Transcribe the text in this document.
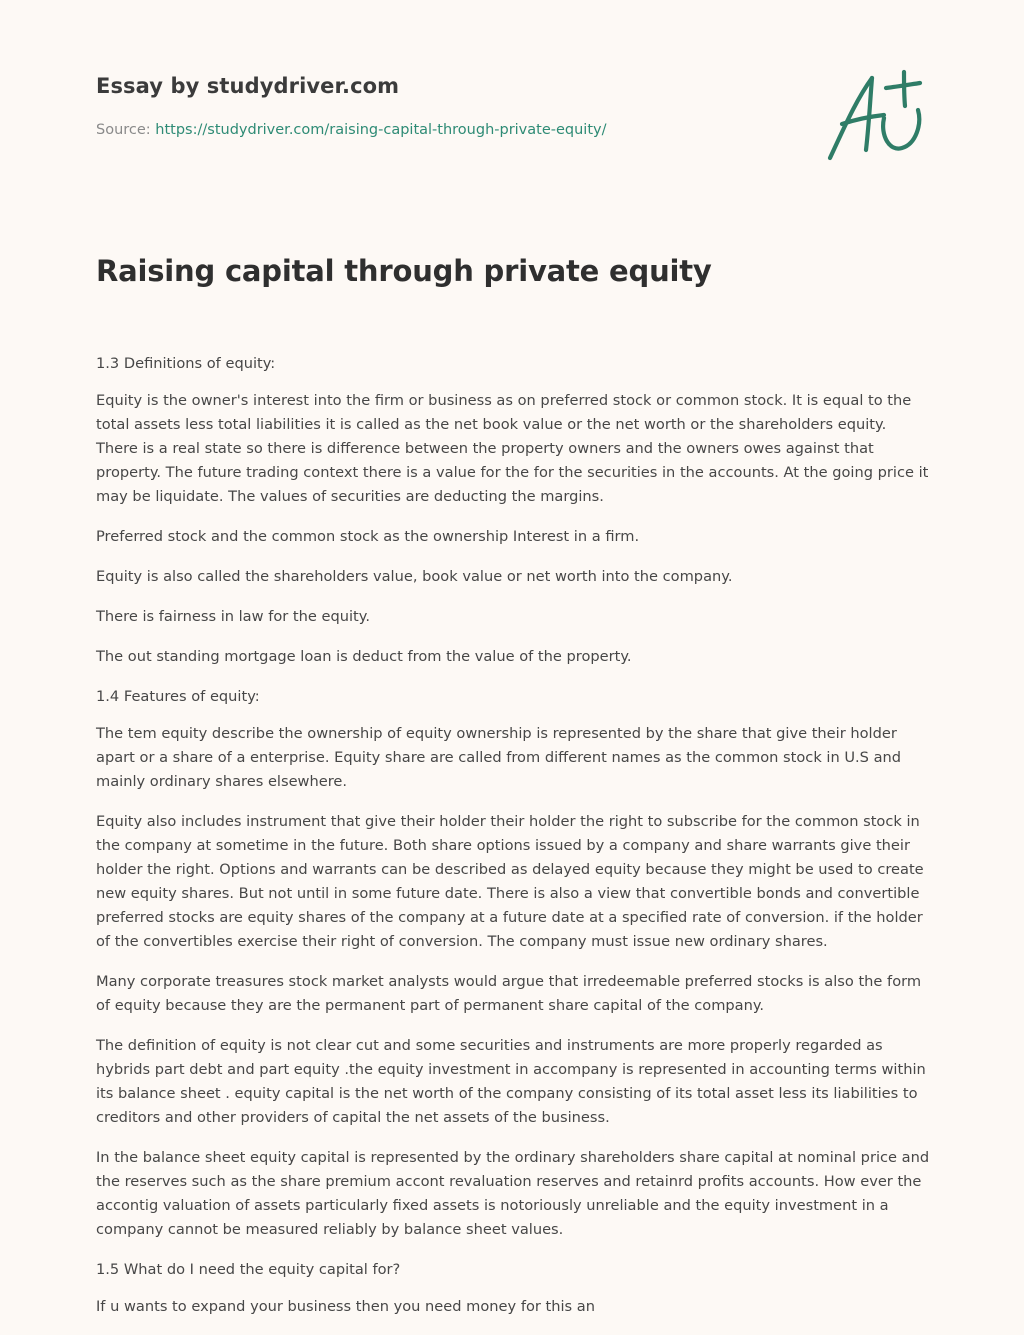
Essay by studydriver.com
Source: https://studydriver.com/raising-capital-through-private-equity/
Raising capital through private equity

1.3 Definitions of equity:

Equity is the owner's interest into the firm or business as on preferred stock or common stock. It is equal to the total assets less total liabilities it is called as the net book value or the net worth or the shareholders equity. There is a real state so there is difference between the property owners and the owners owes against that property. The future trading context there is a value for the for the securities in the accounts. At the going price it may be liquidate. The values of securities are deducting the margins.

Preferred stock and the common stock as the ownership Interest in a firm.

Equity is also called the shareholders value, book value or net worth into the company.

There is fairness in law for the equity.

The out standing mortgage loan is deduct from the value of the property.

1.4 Features of equity:

The tem equity describe the ownership of equity ownership is represented by the share that give their holder apart or a share of a enterprise. Equity share are called from different names as the common stock in U.S and mainly ordinary shares elsewhere.

Equity also includes instrument that give their holder their holder the right to subscribe for the common stock in the company at sometime in the future. Both share options issued by a company and share warrants give their holder the right. Options and warrants can be described as delayed equity because they might be used to create new equity shares. But not until in some future date. There is also a view that convertible bonds and convertible preferred stocks are equity shares of the company at a future date at a specified rate of conversion. if the holder of the convertibles exercise their right of conversion. The company must issue new ordinary shares.

Many corporate treasures stock market analysts would argue that irredeemable preferred stocks is also the form of equity because they are the permanent part of permanent share capital of the company.

The definition of equity is not clear cut and some securities and instruments are more properly regarded as hybrids part debt and part equity .the equity investment in accompany is represented in accounting terms within its balance sheet . equity capital is the net worth of the company consisting of its total asset less its liabilities to creditors and other providers of capital the net assets of the business.

In the balance sheet equity capital is represented by the ordinary shareholders share capital at nominal price and the reserves such as the share premium accont revaluation reserves and retainrd profits accounts. How ever the accontig valuation of assets particularly fixed assets is notoriously unreliable and the equity investment in a company cannot be measured reliably by balance sheet values.

1.5 What do I need the equity capital for?

If u wants to expand your business then you need money for this an
